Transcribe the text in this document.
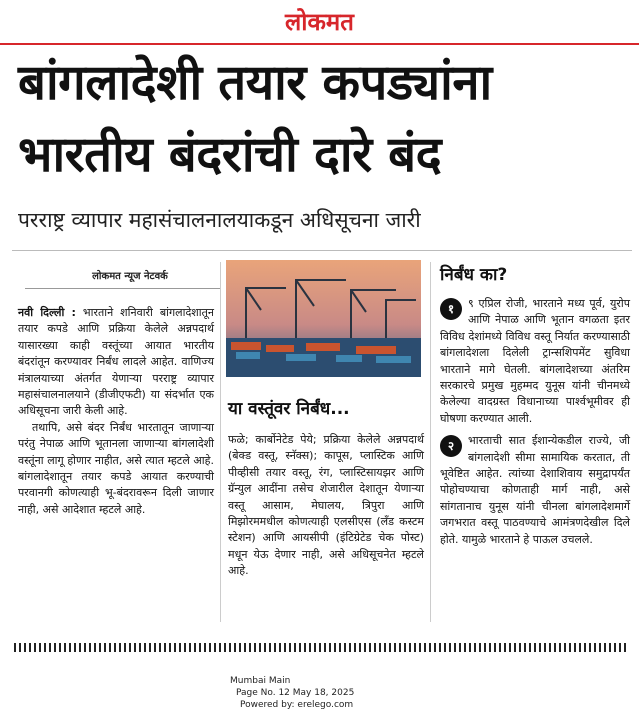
लोकमत
बांगलादेशी तयार कपड्यांना
भारतीय बंदरांची दारे बंद
परराष्ट्र व्यापार महासंचालनालयाकडून अधिसूचना जारी
लोकमत न्यूज नेटवर्क

नवी दिल्ली : भारताने शनिवारी बांगलादेशातून तयार कपडे आणि प्रक्रिया केलेले अन्नपदार्थ यासारख्या काही वस्तूंच्या आयात भारतीय बंदरांतून करण्यावर निर्बंध लादले आहेत. वाणिज्य मंत्रालयाच्या अंतर्गत येणाऱ्या परराष्ट्र व्यापार महासंचालनालयाने (डीजीएफटी) या संदर्भात एक अधिसूचना जारी केली आहे.

तथापि, असे बंदर निर्बंध भारतातून जाणाऱ्या परंतु नेपाळ आणि भूतानला जाणाऱ्या बांगलादेशी वस्तूंना लागू होणार नाहीत, असे त्यात म्हटले आहे. बांगलादेशातून तयार कपडे आयात करण्याची परवानगी कोणत्याही भू-बंदरावरून दिली जाणार नाही, असे आदेशात म्हटले आहे.

या वस्तूंवर निर्बंध...
फळे; कार्बोनेटेड पेये; प्रक्रिया केलेले अन्नपदार्थ (बेक्ड वस्तू, स्नॅक्स); कापूस, प्लास्टिक आणि पीव्हीसी तयार वस्तू, रंग, प्लास्टिसायझर आणि ग्रॅन्युल आदींना तसेच शेजारील देशातून येणाऱ्या वस्तू आसाम, मेघालय, त्रिपुरा आणि मिझोरममधील कोणत्याही एलसीएस (लँड कस्टम स्टेशन) आणि आयसीपी (इंटिग्रेटेड चेक पोस्ट) मधून येऊ देणार नाही, असे अधिसूचनेत म्हटले आहे.
निर्बंध का?
१	९ एप्रिल रोजी, भारताने मध्य पूर्व, युरोप आणि नेपाळ आणि भूतान वगळता इतर विविध देशांमध्ये विविध वस्तू निर्यात करण्यासाठी बांगलादेशला दिलेली ट्रान्सशिपमेंट सुविधा भारताने मागे घेतली. बांगलादेशच्या अंतरिम सरकारचे प्रमुख मुहम्मद युनूस यांनी चीनमध्ये केलेल्या वादग्रस्त विधानाच्या पार्श्वभूमीवर ही घोषणा करण्यात आली.
२	भारताची सात ईशान्येकडील राज्ये, जी बांगलादेशी सीमा सामायिक करतात, ती भूवेष्टित आहेत. त्यांच्या देशाशिवाय समुद्रापर्यंत पोहोचण्याचा कोणताही मार्ग नाही, असे सांगतानाच युनूस यांनी चीनला बांगलादेशमार्गे जगभरात वस्तू पाठवण्याचे आमंत्रणदेखील दिले होते. यामुळे भारताने हे पाऊल उचलले.
Mumbai Main
Page No. 12 May 18, 2025
Powered by: erelego.com
